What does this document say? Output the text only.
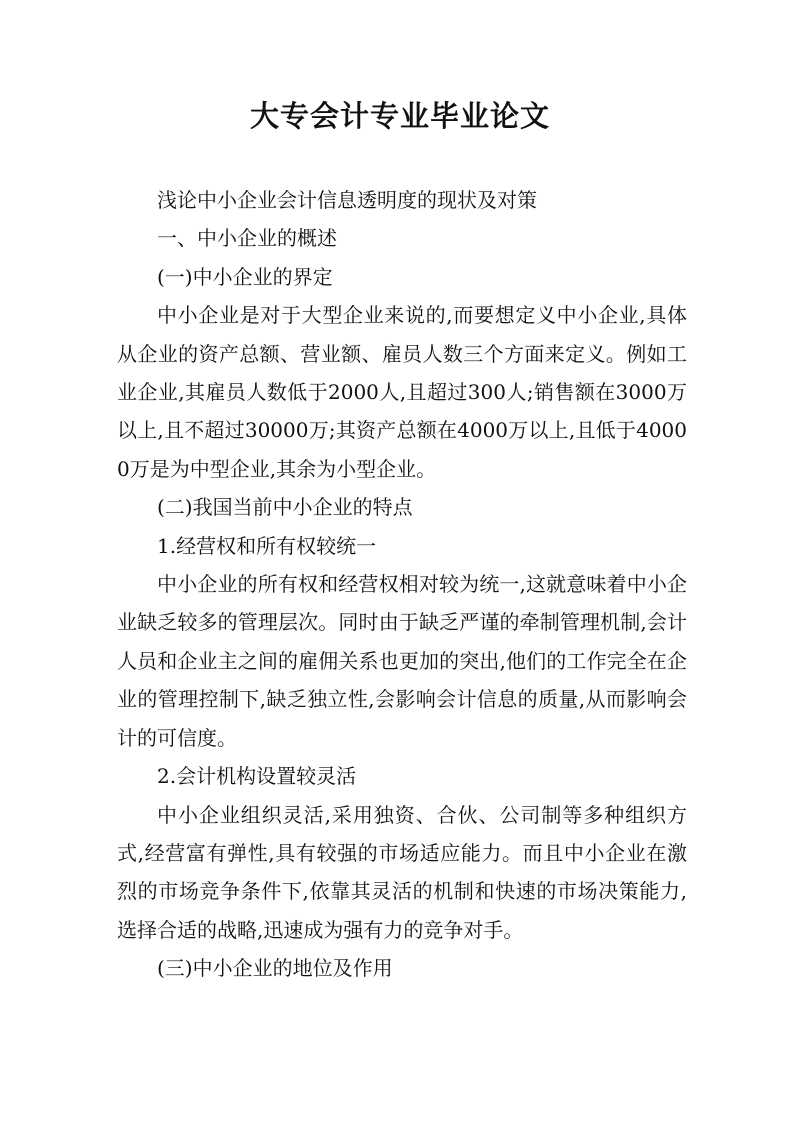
大专会计专业毕业论文

浅论中小企业会计信息透明度的现状及对策

一、中小企业的概述

(一)中小企业的界定

中小企业是对于大型企业来说的,而要想定义中小企业,具体从企业的资产总额、营业额、雇员人数三个方面来定义。例如工业企业,其雇员人数低于2000人,且超过300人;销售额在3000万以上,且不超过30000万;其资产总额在4000万以上,且低于40000万是为中型企业,其余为小型企业。

(二)我国当前中小企业的特点

1.经营权和所有权较统一

中小企业的所有权和经营权相对较为统一,这就意味着中小企业缺乏较多的管理层次。同时由于缺乏严谨的牵制管理机制,会计人员和企业主之间的雇佣关系也更加的突出,他们的工作完全在企业的管理控制下,缺乏独立性,会影响会计信息的质量,从而影响会计的可信度。

2.会计机构设置较灵活

中小企业组织灵活,采用独资、合伙、公司制等多种组织方式,经营富有弹性,具有较强的市场适应能力。而且中小企业在激烈的市场竞争条件下,依靠其灵活的机制和快速的市场决策能力,选择合适的战略,迅速成为强有力的竞争对手。

(三)中小企业的地位及作用
